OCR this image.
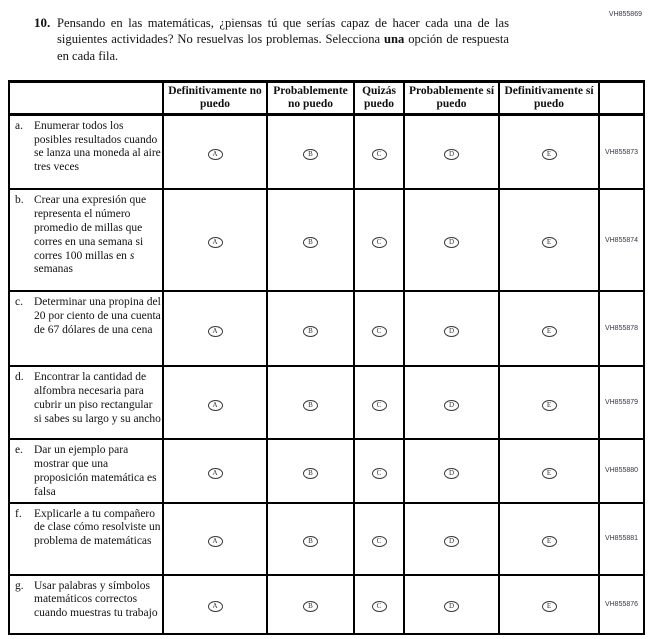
VH855869
10. Pensando en las matemáticas, ¿piensas tú que serías capaz de hacer cada una de las siguientes actividades? No resuelvas los problemas. Selecciona una opción de respuesta en cada fila.
	Definitivamente no puedo	Probablemente no puedo	Quizás puedo	Probablemente sí puedo	Definitivamente sí puedo	

a. Enumerar todos los posibles resultados cuando se lanza una moneda al aire tres veces	A	B	C	D	E	VH855873

b. Crear una expresión que representa el número promedio de millas que corres en una semana si corres 100 millas en s semanas	A	B	C	D	E	VH855874

c. Determinar una propina del 20 por ciento de una cuenta de 67 dólares de una cena	A	B	C	D	E	VH855878

d. Encontrar la cantidad de alfombra necesaria para cubrir un piso rectangular si sabes su largo y su ancho	A	B	C	D	E	VH855879

e. Dar un ejemplo para mostrar que una proposición matemática es falsa	A	B	C	D	E	VH855880

f. Explicarle a tu compañero de clase cómo resolviste un problema de matemáticas	A	B	C	D	E	VH855881

g. Usar palabras y símbolos matemáticos correctos cuando muestras tu trabajo	A	B	C	D	E	VH855876
